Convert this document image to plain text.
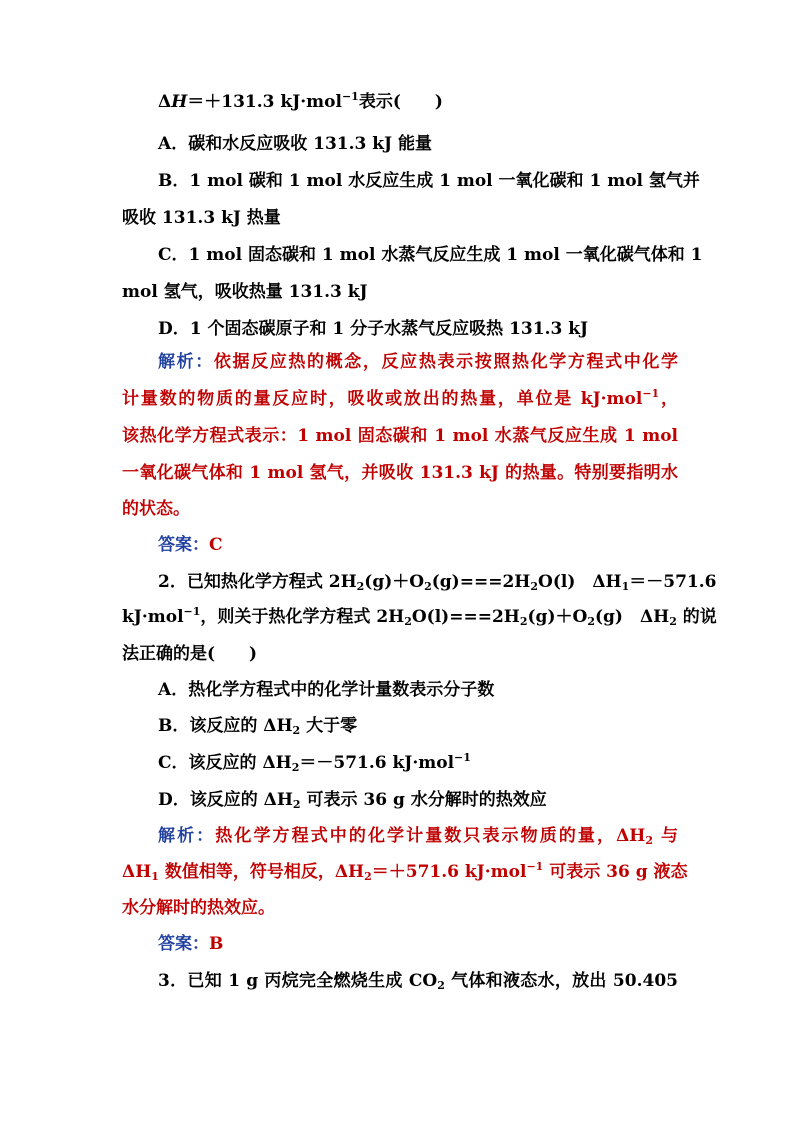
ΔH＝＋131.3 kJ·mol$^{-1}$表示(　　)
A．碳和水反应吸收 131.3 kJ 能量
B．1 mol 碳和 1 mol 水反应生成 1 mol 一氧化碳和 1 mol 氢气并
吸收 131.3 kJ 热量
C．1 mol 固态碳和 1 mol 水蒸气反应生成 1 mol 一氧化碳气体和 1
mol 氢气，吸收热量 131.3 kJ
D．1 个固态碳原子和 1 分子水蒸气反应吸热 131.3 kJ
解析：依据反应热的概念，反应热表示按照热化学方程式中化学
计量数的物质的量反应时，吸收或放出的热量，单位是 kJ·mol$^{-1}$，
该热化学方程式表示：1 mol 固态碳和 1 mol 水蒸气反应生成 1 mol
一氧化碳气体和 1 mol 氢气，并吸收 131.3 kJ 的热量。特别要指明水
的状态。
答案：C
2．已知热化学方程式 $2H_2(g)+O_2(g)===2H_2O(l)$　$\Delta H_1=-571.6$
kJ·mol$^{-1}$，则关于热化学方程式 $2H_2O(l)===2H_2(g)+O_2(g)$　$\Delta H_2$ 的说
法正确的是(　　)
A．热化学方程式中的化学计量数表示分子数
B．该反应的 $\Delta H_2$ 大于零
C．该反应的 $\Delta H_2=-571.6$ kJ·mol$^{-1}$
D．该反应的 $\Delta H_2$ 可表示 36 g 水分解时的热效应
解析：热化学方程式中的化学计量数只表示物质的量，$\Delta H_2$ 与
$\Delta H_1$ 数值相等，符号相反，$\Delta H_2=+571.6$ kJ·mol$^{-1}$ 可表示 36 g 液态
水分解时的热效应。
答案：B
3．已知 1 g 丙烷完全燃烧生成 $CO_2$ 气体和液态水，放出 50.405
